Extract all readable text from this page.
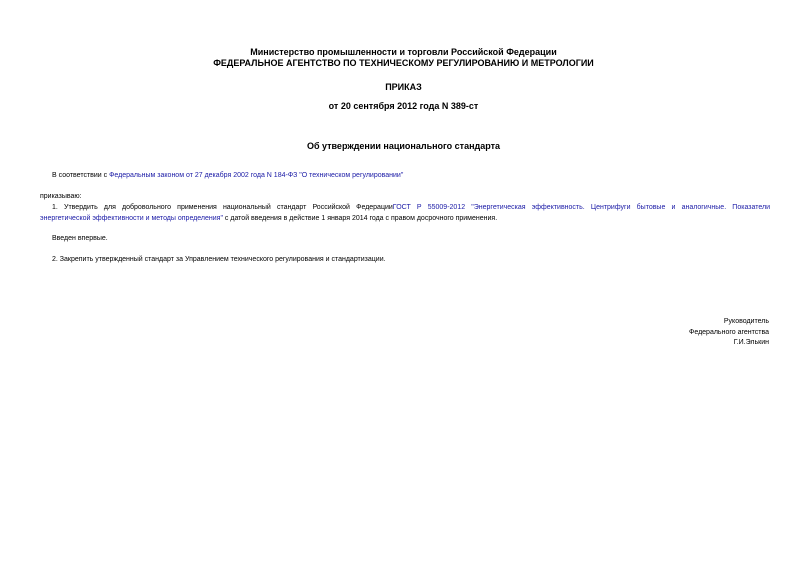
Министерство промышленности и торговли Российской Федерации
ФЕДЕРАЛЬНОЕ АГЕНТСТВО ПО ТЕХНИЧЕСКОМУ РЕГУЛИРОВАНИЮ И МЕТРОЛОГИИ
ПРИКАЗ
от 20 сентября 2012 года N 389-ст
Об утверждении национального стандарта
В соответствии с Федеральным законом от 27 декабря 2002 года N 184-ФЗ "О техническом регулировании"
приказываю:
1. Утвердить для добровольного применения национальный стандарт Российской ФедерацииГОСТ Р 55009-2012 "Энергетическая эффективность. Центрифуги бытовые и аналогичные. Показатели
энергетической эффективности и методы определения" с датой введения в действие 1 января 2014 года с правом досрочного применения.
Введен впервые.
2. Закрепить утвержденный стандарт за Управлением технического регулирования и стандартизации.
Руководитель
Федерального агентства
Г.И.Элькин
